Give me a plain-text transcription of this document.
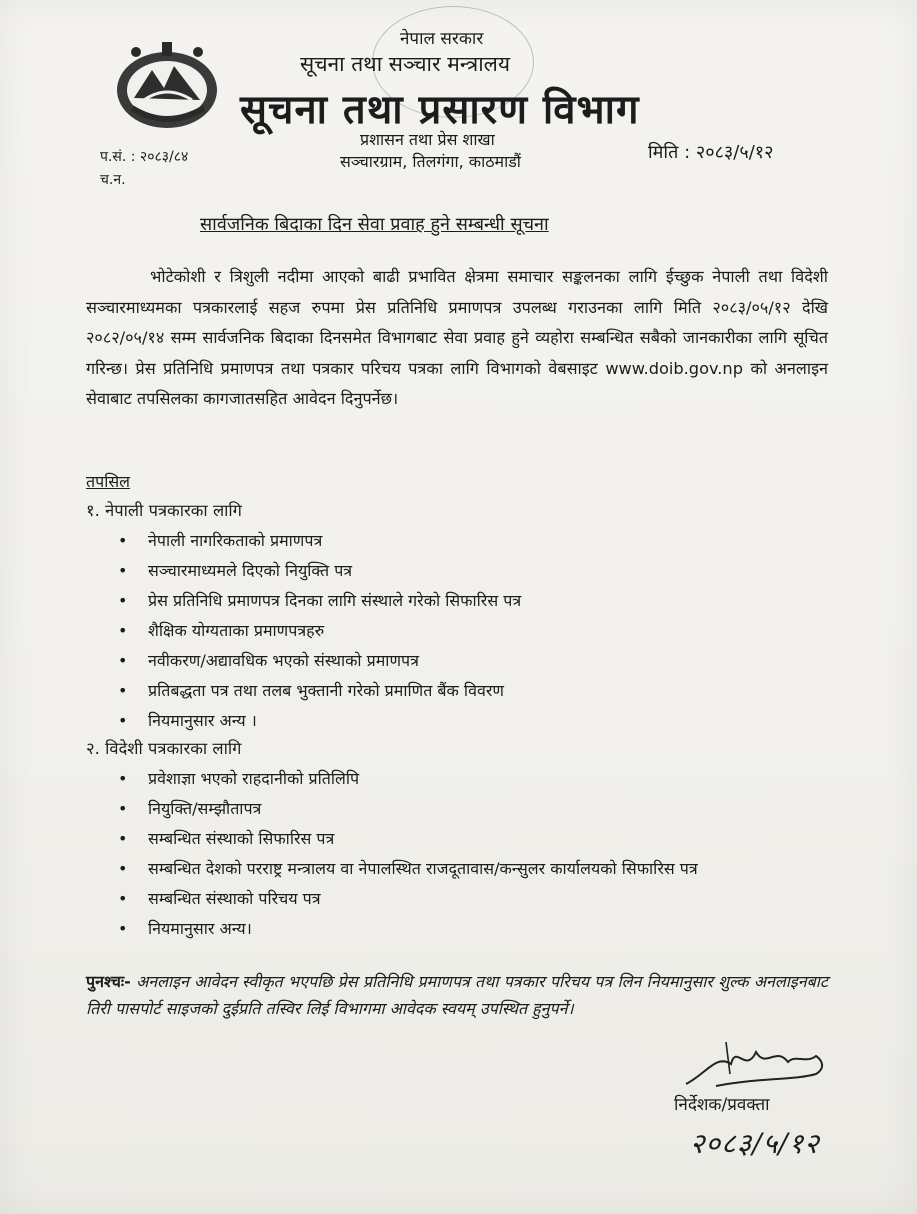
नेपाल सरकार
सूचना तथा सञ्चार मन्त्रालय
सूचना तथा प्रसारण विभाग
प्रशासन तथा प्रेस शाखा
सञ्चारग्राम, तिलगंगा, काठमाडौं
प.सं. : २०८३/८४
च.न.
मिति : २०८३/५/१२
सार्वजनिक बिदाका दिन सेवा प्रवाह हुने सम्बन्धी सूचना

भोटेकोशी र त्रिशुली नदीमा आएको बाढी प्रभावित क्षेत्रमा समाचार सङ्कलनका लागि ईच्छुक नेपाली तथा विदेशी सञ्चारमाध्यमका पत्रकारलाई सहज रुपमा प्रेस प्रतिनिधि प्रमाणपत्र उपलब्ध गराउनका लागि मिति २०८३/०५/१२ देखि २०८२/०५/१४ सम्म सार्वजनिक बिदाका दिनसमेत विभागबाट सेवा प्रवाह हुने व्यहोरा सम्बन्धित सबैको जानकारीका लागि सूचित गरिन्छ। प्रेस प्रतिनिधि प्रमाणपत्र तथा पत्रकार परिचय पत्रका लागि विभागको वेबसाइट www.doib.gov.np को अनलाइन सेवाबाट तपसिलका कागजातसहित आवेदन दिनुपर्नेछ।

तपसिल
१. नेपाली पत्रकारका लागि
• नेपाली नागरिकताको प्रमाणपत्र
• सञ्चारमाध्यमले दिएको नियुक्ति पत्र
• प्रेस प्रतिनिधि प्रमाणपत्र दिनका लागि संस्थाले गरेको सिफारिस पत्र
• शैक्षिक योग्यताका प्रमाणपत्रहरु
• नवीकरण/अद्यावधिक भएको संस्थाको प्रमाणपत्र
• प्रतिबद्धता पत्र तथा तलब भुक्तानी गरेको प्रमाणित बैंक विवरण
• नियमानुसार अन्य ।
२. विदेशी पत्रकारका लागि
• प्रवेशाज्ञा भएको राहदानीको प्रतिलिपि
• नियुक्ति/सम्झौतापत्र
• सम्बन्धित संस्थाको सिफारिस पत्र
• सम्बन्धित देशको परराष्ट्र मन्त्रालय वा नेपालस्थित राजदूतावास/कन्सुलर कार्यालयको सिफारिस पत्र
• सम्बन्धित संस्थाको परिचय पत्र
• नियमानुसार अन्य।

पुनश्चः- अनलाइन आवेदन स्वीकृत भएपछि प्रेस प्रतिनिधि प्रमाणपत्र तथा पत्रकार परिचय पत्र लिन नियमानुसार शुल्क अनलाइनबाट तिरी पासपोर्ट साइजको दुईप्रति तस्विर लिई विभागमा आवेदक स्वयम् उपस्थित हुनुपर्ने।

निर्देशक/प्रवक्ता
२०८३/५/१२
